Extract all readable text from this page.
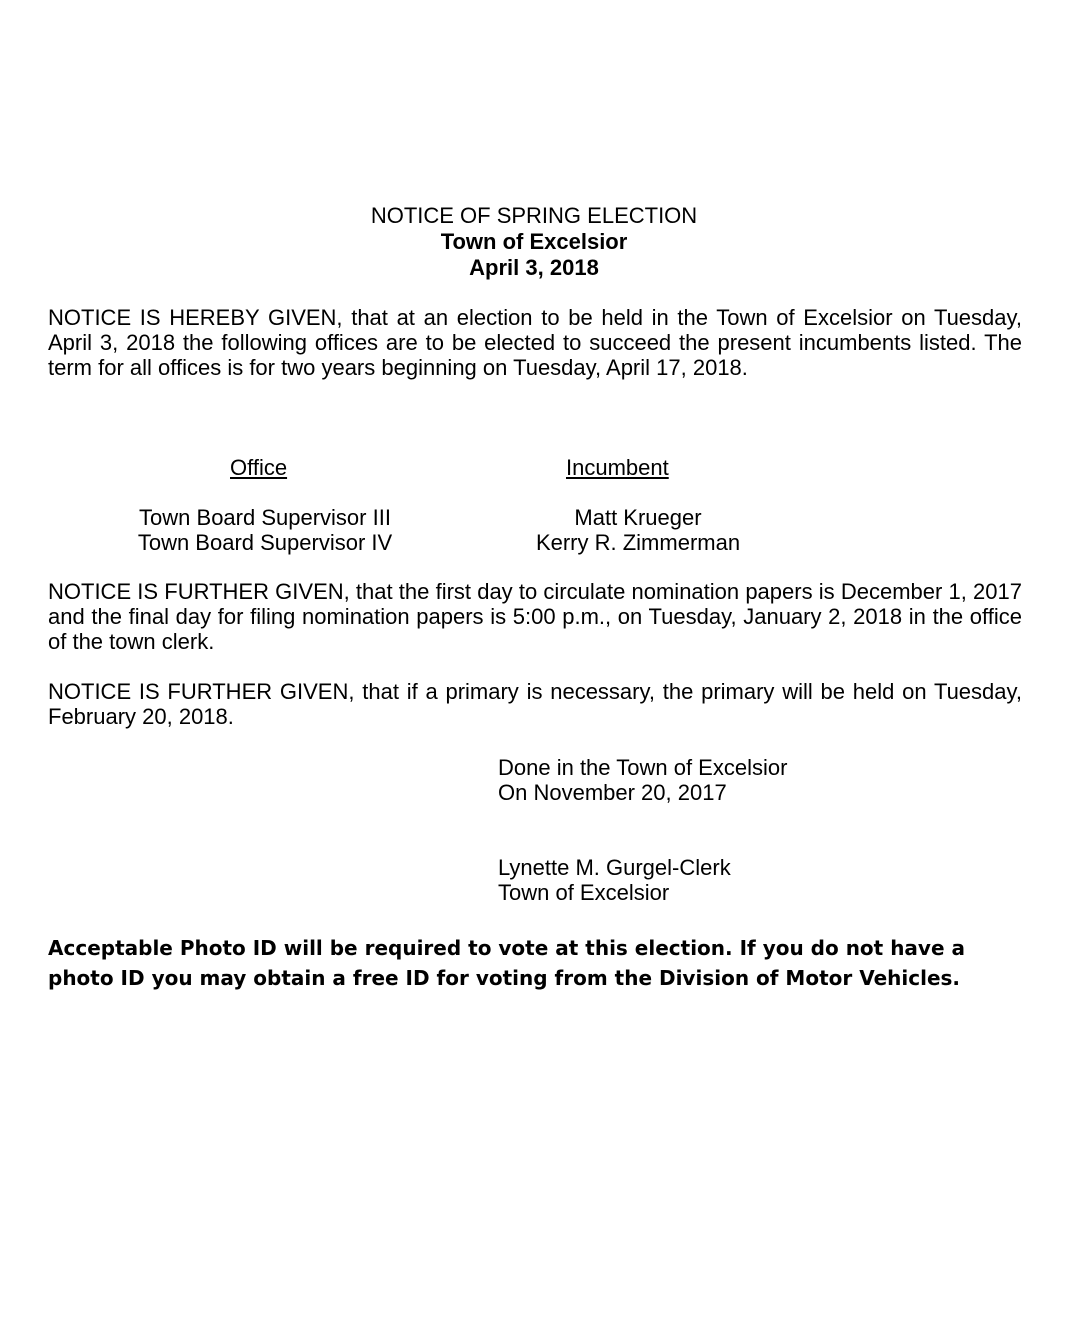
NOTICE OF SPRING ELECTION
Town of Excelsior
April 3, 2018
NOTICE IS HEREBY GIVEN, that at an election to be held in the Town of Excelsior on Tuesday, April 3, 2018 the following offices are to be elected to succeed the present incumbents listed. The term for all offices is for two years beginning on Tuesday, April 17, 2018.
Office	Incumbent
Town Board Supervisor III
Town Board Supervisor IV
Matt Krueger
Kerry R. Zimmerman
NOTICE IS FURTHER GIVEN, that the first day to circulate nomination papers is December 1, 2017 and the final day for filing nomination papers is 5:00 p.m., on Tuesday, January 2, 2018 in the office of the town clerk.
NOTICE IS FURTHER GIVEN, that if a primary is necessary, the primary will be held on Tuesday, February 20, 2018.
Done in the Town of Excelsior
On November 20, 2017
Lynette M. Gurgel-Clerk
Town of Excelsior
Acceptable Photo ID will be required to vote at this election. If you do not have a
photo ID you may obtain a free ID for voting from the Division of Motor Vehicles.
